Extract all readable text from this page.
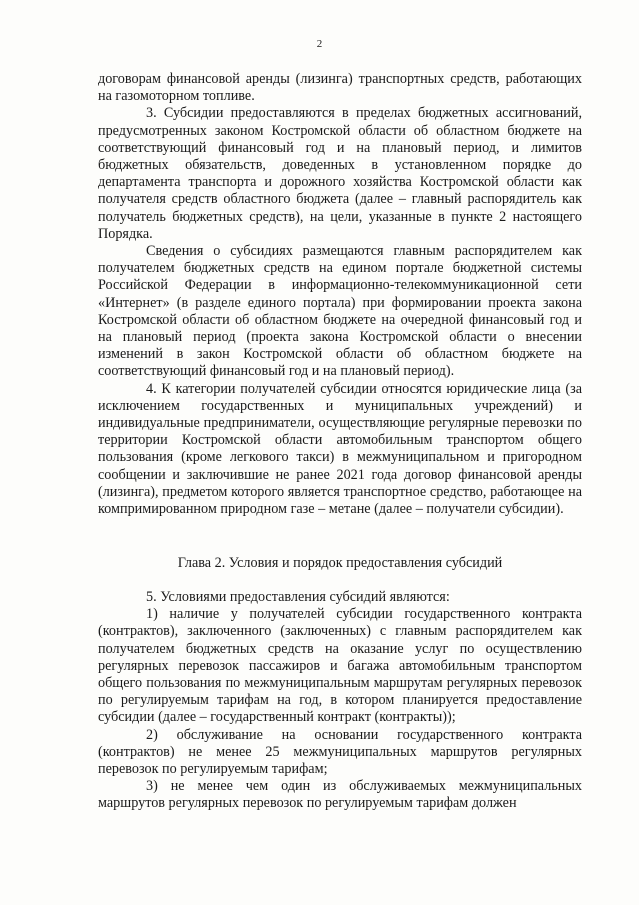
2

договорам финансовой аренды (лизинга) транспортных средств, работающих на газомоторном топливе.

3. Субсидии предоставляются в пределах бюджетных ассигнований, предусмотренных законом Костромской области об областном бюджете на соответствующий финансовый год и на плановый период, и лимитов бюджетных обязательств, доведенных в установленном порядке до департамента транспорта и дорожного хозяйства Костромской области как получателя средств областного бюджета (далее – главный распорядитель как получатель бюджетных средств), на цели, указанные в пункте 2 настоящего Порядка.

Сведения о субсидиях размещаются главным распорядителем как получателем бюджетных средств на едином портале бюджетной системы Российской Федерации в информационно-телекоммуникационной сети «Интернет» (в разделе единого портала) при формировании проекта закона Костромской области об областном бюджете на очередной финансовый год и на плановый период (проекта закона Костромской области о внесении изменений в закон Костромской области об областном бюджете на соответствующий финансовый год и на плановый период).

4. К категории получателей субсидии относятся юридические лица (за исключением государственных и муниципальных учреждений) и индивидуальные предприниматели, осуществляющие регулярные перевозки по территории Костромской области автомобильным транспортом общего пользования (кроме легкового такси) в межмуниципальном и пригородном сообщении и заключившие не ранее 2021 года договор финансовой аренды (лизинга), предметом которого является транспортное средство, работающее на компримированном природном газе – метане (далее – получатели субсидии).

Глава 2. Условия и порядок предоставления субсидий

5. Условиями предоставления субсидий являются:

1) наличие у получателей субсидии государственного контракта (контрактов), заключенного (заключенных) с главным распорядителем как получателем бюджетных средств на оказание услуг по осуществлению регулярных перевозок пассажиров и багажа автомобильным транспортом общего пользования по межмуниципальным маршрутам регулярных перевозок по регулируемым тарифам на год, в котором планируется предоставление субсидии (далее – государственный контракт (контракты));

2) обслуживание на основании государственного контракта (контрактов) не менее 25 межмуниципальных маршрутов регулярных перевозок по регулируемым тарифам;

3) не менее чем один из обслуживаемых межмуниципальных маршрутов регулярных перевозок по регулируемым тарифам должен
